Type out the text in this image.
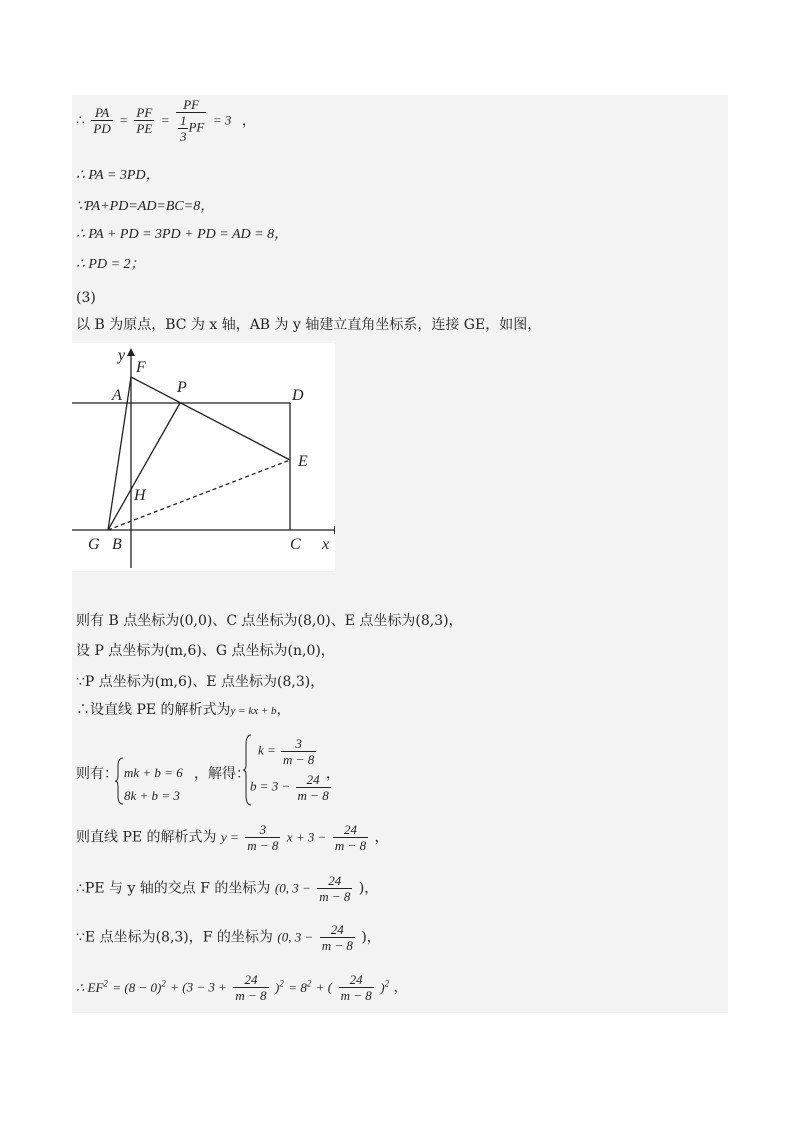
∴ $\frac{PA}{PD} = \frac{PF}{PE} = \frac{PF}{\frac{1}{3} PF} = 3$ ，
∴ PA = 3PD，
∵PA+PD=AD=BC=8，
∴ PA + PD = 3PD + PD = AD = 8，
∴ PD = 2；
(3)
以 B 为原点，BC 为 x 轴，AB 为 y 轴建立直角坐标系，连接 GE，如图，
y
F
A	P	D
E
H
G B	C x
则有 B 点坐标为(0,0)、C 点坐标为(8,0)、E 点坐标为(8,3)，
设 P 点坐标为(m,6)、G 点坐标为(n,0)，
∵P 点坐标为(m,6)、E 点坐标为(8,3)，
∴设直线 PE 的解析式为y = kx + b，
则有： mk + b = 6
8k + b = 3
，解得：
$k = \frac{3}{m - 8}$
$b = 3 - \frac{24}{m - 8}$
，
则直线 PE 的解析式为 $y = \frac{3}{m - 8}$ $x + 3 - \frac{24}{m - 8}$ ，
∴PE 与 y 轴的交点 F 的坐标为 (0, $3 - \frac{24}{m - 8}$ )，
∵E 点坐标为(8,3)，F 的坐标为 (0, $3 - \frac{24}{m - 8}$ )，
∴ $EF^2 = (8 - 0)^2 + (3 - 3 + \frac{24}{m - 8} )^2 = 8^2$ + ( $\frac{24}{m - 8} )^2$ ，
